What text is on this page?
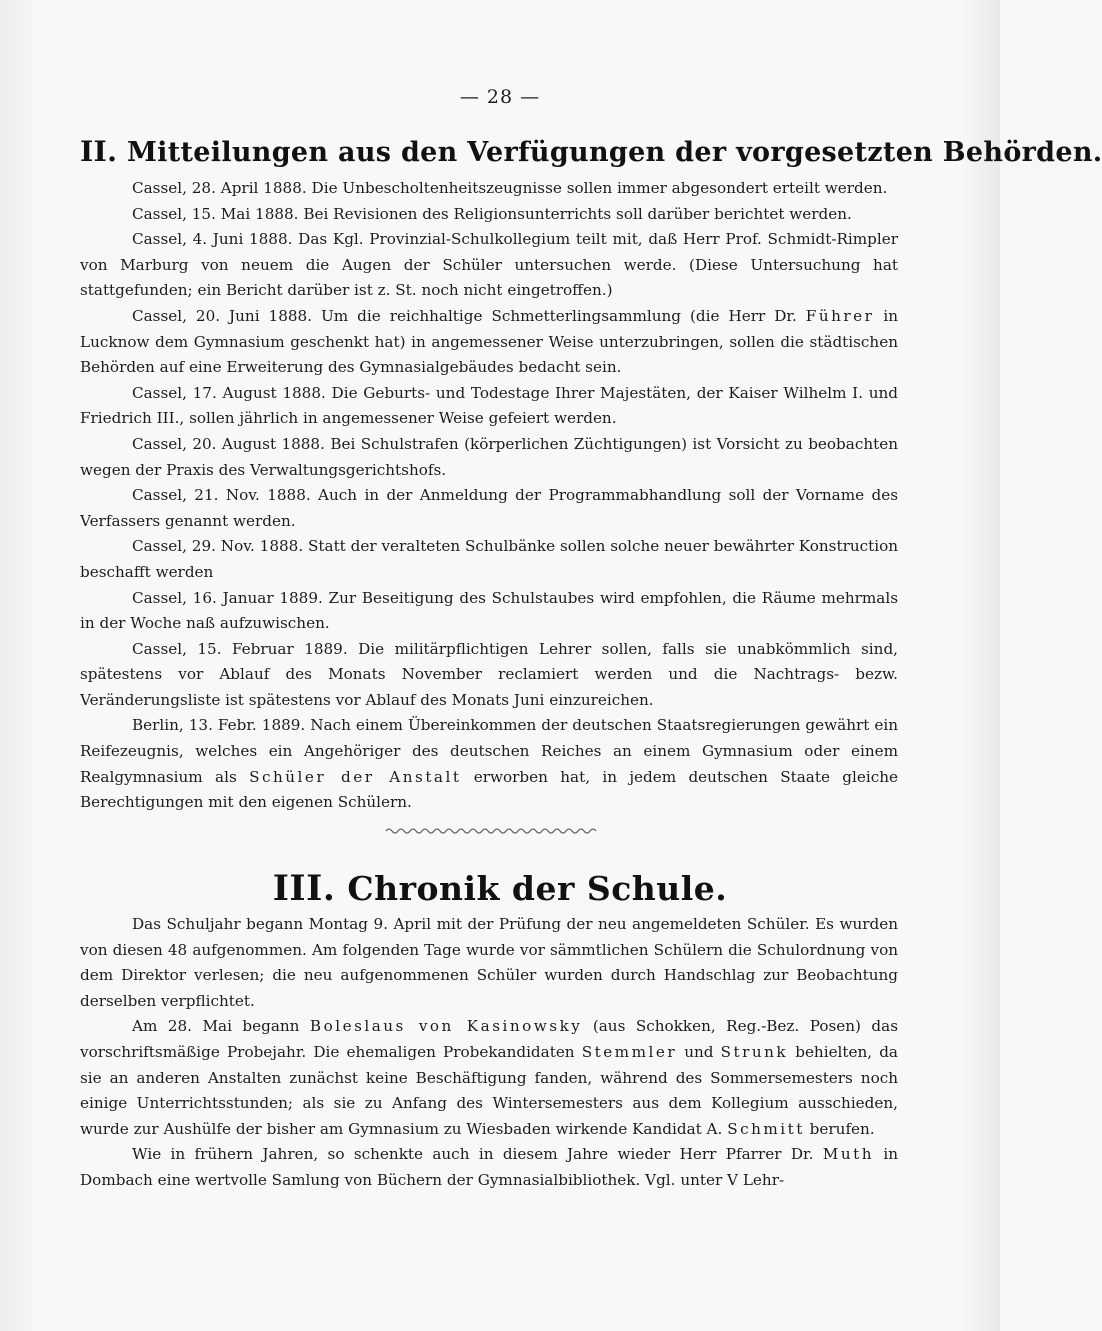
— 28 —
II. Mitteilungen aus den Verfügungen der vorgesetzten Behörden.

Cassel, 28. April 1888. Die Unbescholtenheitszeugnisse sollen immer abgesondert erteilt werden.

Cassel, 15. Mai 1888. Bei Revisionen des Religionsunterrichts soll darüber berichtet werden.

Cassel, 4. Juni 1888. Das Kgl. Provinzial-Schulkollegium teilt mit, daß Herr Prof. Schmidt-Rimpler von Marburg von neuem die Augen der Schüler untersuchen werde. (Diese Untersuchung hat stattgefunden; ein Bericht darüber ist z. St. noch nicht eingetroffen.)

Cassel, 20. Juni 1888. Um die reichhaltige Schmetterlingsammlung (die Herr Dr. Führer in Lucknow dem Gymnasium geschenkt hat) in angemessener Weise unterzubringen, sollen die städtischen Behörden auf eine Erweiterung des Gymnasialgebäudes bedacht sein.

Cassel, 17. August 1888. Die Geburts- und Todestage Ihrer Majestäten, der Kaiser Wilhelm I. und Friedrich III., sollen jährlich in angemessener Weise gefeiert werden.

Cassel, 20. August 1888. Bei Schulstrafen (körperlichen Züchtigungen) ist Vorsicht zu beobachten wegen der Praxis des Verwaltungsgerichtshofs.

Cassel, 21. Nov. 1888. Auch in der Anmeldung der Programmabhandlung soll der Vorname des Verfassers genannt werden.

Cassel, 29. Nov. 1888. Statt der veralteten Schulbänke sollen solche neuer bewährter Konstruction beschafft werden

Cassel, 16. Januar 1889. Zur Beseitigung des Schulstaubes wird empfohlen, die Räume mehrmals in der Woche naß aufzuwischen.

Cassel, 15. Februar 1889. Die militärpflichtigen Lehrer sollen, falls sie unabkömmlich sind, spätestens vor Ablauf des Monats November reclamiert werden und die Nachtrags- bezw. Veränderungsliste ist spätestens vor Ablauf des Monats Juni einzureichen.

Berlin, 13. Febr. 1889. Nach einem Übereinkommen der deutschen Staatsregierungen gewährt ein Reifezeugnis, welches ein Angehöriger des deutschen Reiches an einem Gymnasium oder einem Realgymnasium als Schüler der Anstalt erworben hat, in jedem deutschen Staate gleiche Berechtigungen mit den eigenen Schülern.

III. Chronik der Schule.

Das Schuljahr begann Montag 9. April mit der Prüfung der neu angemeldeten Schüler. Es wurden von diesen 48 aufgenommen. Am folgenden Tage wurde vor sämmtlichen Schülern die Schulordnung von dem Direktor verlesen; die neu aufgenommenen Schüler wurden durch Handschlag zur Beobachtung derselben verpflichtet.

Am 28. Mai begann Boleslaus von Kasinowsky (aus Schokken, Reg.-Bez. Posen) das vorschriftsmäßige Probejahr. Die ehemaligen Probekandidaten Stemmler und Strunk behielten, da sie an anderen Anstalten zunächst keine Beschäftigung fanden, während des Sommersemesters noch einige Unterrichtsstunden; als sie zu Anfang des Wintersemesters aus dem Kollegium ausschieden, wurde zur Aushülfe der bisher am Gymnasium zu Wiesbaden wirkende Kandidat A. Schmitt berufen.

Wie in frühern Jahren, so schenkte auch in diesem Jahre wieder Herr Pfarrer Dr. Muth in Dombach eine wertvolle Samlung von Büchern der Gymnasialbibliothek. Vgl. unter V Lehr-
